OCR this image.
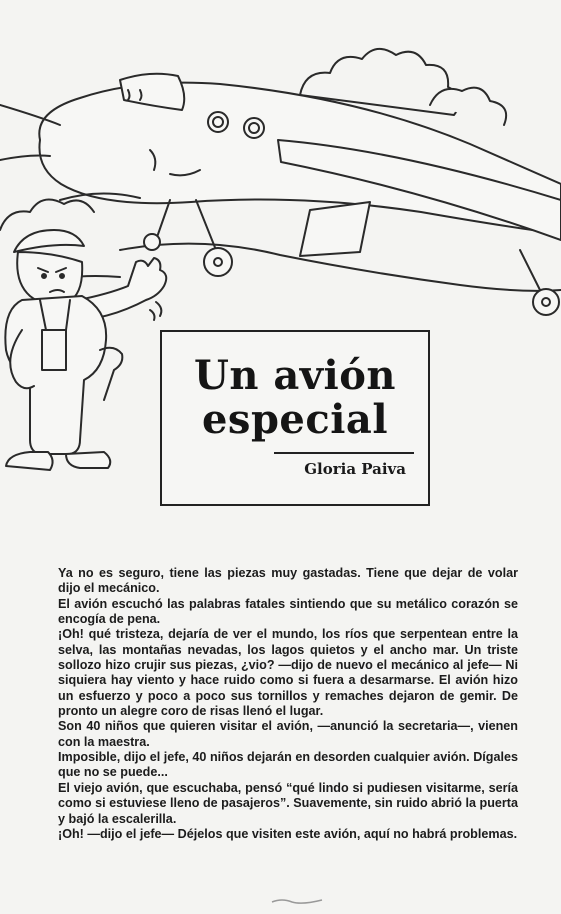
Un avión
especial
Gloria Paiva

Ya no es seguro, tiene las piezas muy gastadas. Tiene que dejar de volar dijo el mecánico.

El avión escuchó las palabras fatales sintiendo que su metálico corazón se encogía de pena.

¡Oh! qué tristeza, dejaría de ver el mundo, los ríos que serpentean entre la selva, las montañas nevadas, los lagos quietos y el ancho mar. Un triste sollozo hizo crujir sus piezas, ¿vio? —dijo de nuevo el mecánico al jefe— Ni siquiera hay viento y hace ruido como si fuera a desarmarse. El avión hizo un esfuerzo y poco a poco sus tornillos y remaches dejaron de gemir. De pronto un alegre coro de risas llenó el lugar.

Son 40 niños que quieren visitar el avión, —anunció la secretaria—, vienen con la maestra.

Imposible, dijo el jefe, 40 niños dejarán en desorden cualquier avión. Dígales que no se puede...

El viejo avión, que escuchaba, pensó “qué lindo si pudiesen visitarme, sería como si estuviese lleno de pasajeros”. Suavemente, sin ruido abrió la puerta y bajó la escalerilla.

¡Oh! —dijo el jefe— Déjelos que visiten este avión, aquí no habrá problemas.
